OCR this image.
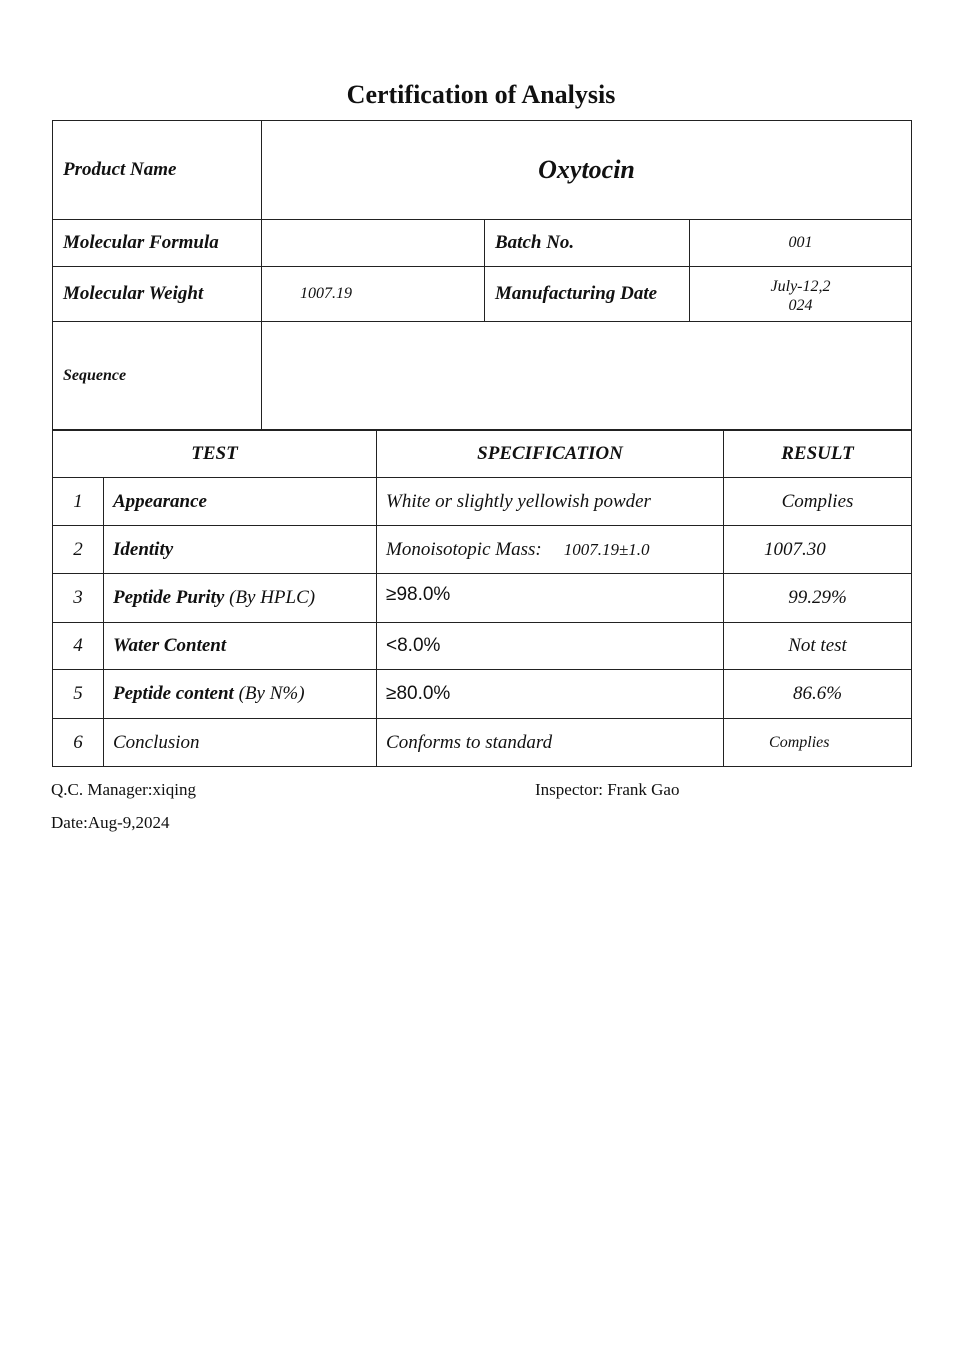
Certification of Analysis
Product Name	Oxytocin		
Molecular Formula		Batch No.	001
Molecular Weight	1007.19	Manufacturing Date	July-12,2
024

Sequence			
TEST		SPECIFICATION	RESULT
1	Appearance	White or slightly yellowish powder	Complies
2	Identity	Monoisotopic Mass: 1007.19±1.0	1007.30
3	Peptide Purity (By HPLC)	≥98.0%	99.29%
4	Water Content	<8.0%	Not test
5	Peptide content (By N%)	≥80.0%	86.6%
6	Conclusion	Conforms to standard	Complies
Q.C. Manager:xiqing	Inspector: Frank Gao
Date:Aug-9,2024
